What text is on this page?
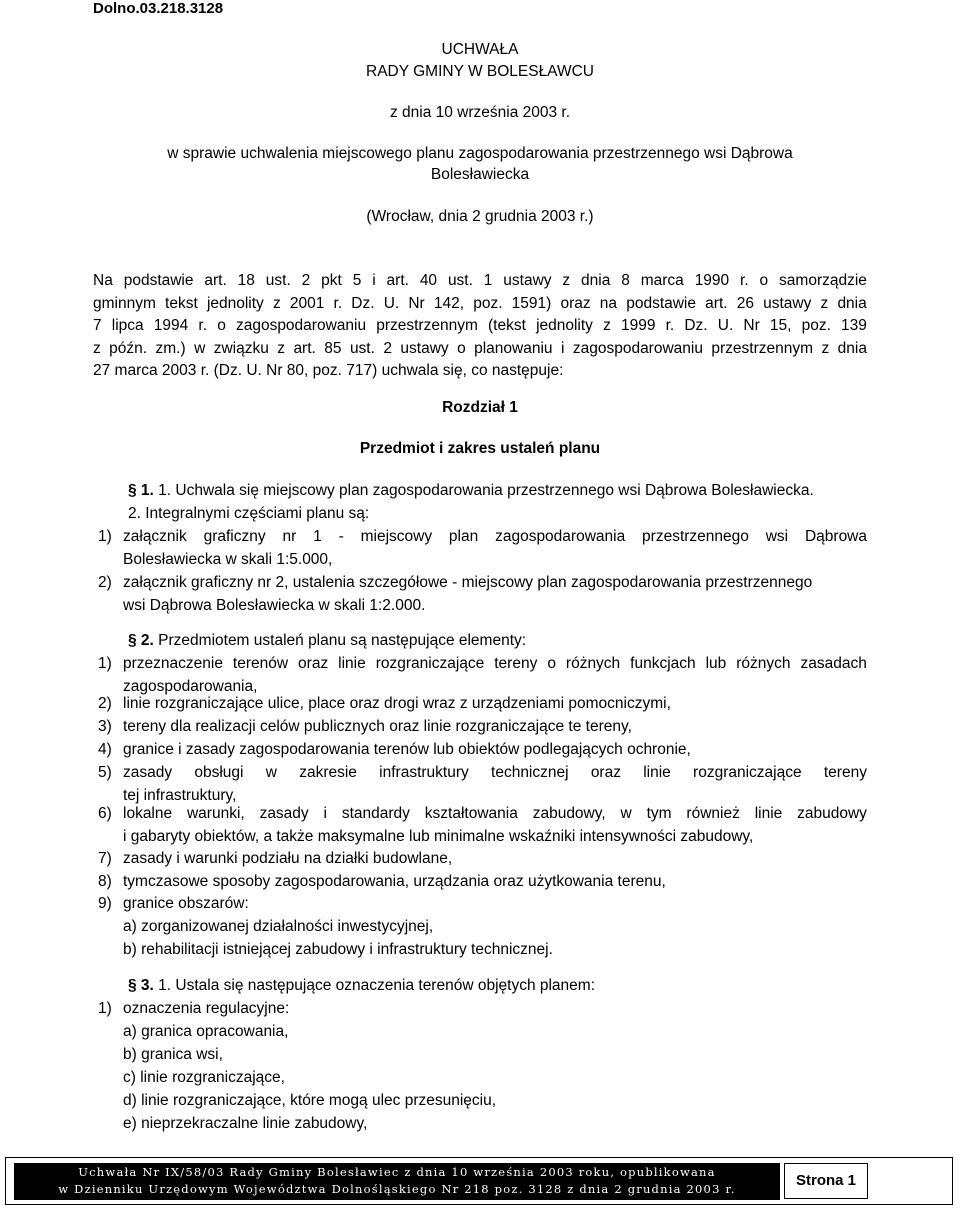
Dolno.03.218.3128
UCHWAŁA
RADY GMINY W BOLESŁAWCU
z dnia 10 września 2003 r.
w sprawie uchwalenia miejscowego planu zagospodarowania przestrzennego wsi Dąbrowa
Bolesławiecka
(Wrocław, dnia 2 grudnia 2003 r.)
Na podstawie art. 18 ust. 2 pkt 5 i art. 40 ust. 1 ustawy z dnia 8 marca 1990 r. o samorządzie
gminnym tekst jednolity z 2001 r. Dz. U. Nr 142, poz. 1591) oraz na podstawie art. 26 ustawy z dnia
7 lipca 1994 r. o zagospodarowaniu przestrzennym (tekst jednolity z 1999 r. Dz. U. Nr 15, poz. 139
z późn. zm.) w związku z art. 85 ust. 2 ustawy o planowaniu i zagospodarowaniu przestrzennym z dnia
27 marca 2003 r. (Dz. U. Nr 80, poz. 717) uchwala się, co następuje:
Rozdział 1
Przedmiot i zakres ustaleń planu
§ 1. 1. Uchwala się miejscowy plan zagospodarowania przestrzennego wsi Dąbrowa Bolesławiecka.
2. Integralnymi częściami planu są:
1) załącznik graficzny nr 1 - miejscowy plan zagospodarowania przestrzennego wsi Dąbrowa
Bolesławiecka w skali 1:5.000,
2) załącznik graficzny nr 2, ustalenia szczegółowe - miejscowy plan zagospodarowania przestrzennego
wsi Dąbrowa Bolesławiecka w skali 1:2.000.
§ 2. Przedmiotem ustaleń planu są następujące elementy:
1) przeznaczenie terenów oraz linie rozgraniczające tereny o różnych funkcjach lub różnych zasadach
zagospodarowania,
2) linie rozgraniczające ulice, place oraz drogi wraz z urządzeniami pomocniczymi,
3) tereny dla realizacji celów publicznych oraz linie rozgraniczające te tereny,
4) granice i zasady zagospodarowania terenów lub obiektów podlegających ochronie,
5) zasady obsługi w zakresie infrastruktury technicznej oraz linie rozgraniczające tereny
tej infrastruktury,
6) lokalne warunki, zasady i standardy kształtowania zabudowy, w tym również linie zabudowy
i gabaryty obiektów, a także maksymalne lub minimalne wskaźniki intensywności zabudowy,
7) zasady i warunki podziału na działki budowlane,
8) tymczasowe sposoby zagospodarowania, urządzania oraz użytkowania terenu,
9) granice obszarów:
a) zorganizowanej działalności inwestycyjnej,
b) rehabilitacji istniejącej zabudowy i infrastruktury technicznej.
§ 3. 1. Ustala się następujące oznaczenia terenów objętych planem:
1) oznaczenia regulacyjne:
a) granica opracowania,
b) granica wsi,
c) linie rozgraniczające,
d) linie rozgraniczające, które mogą ulec przesunięciu,
e) nieprzekraczalne linie zabudowy,
Uchwała Nr IX/58/03 Rady Gminy Bolesławiec z dnia 10 września 2003 roku, opublikowana
w Dzienniku Urzędowym Województwa Dolnośląskiego Nr 218 poz. 3128 z dnia 2 grudnia 2003 r.	Strona 1
